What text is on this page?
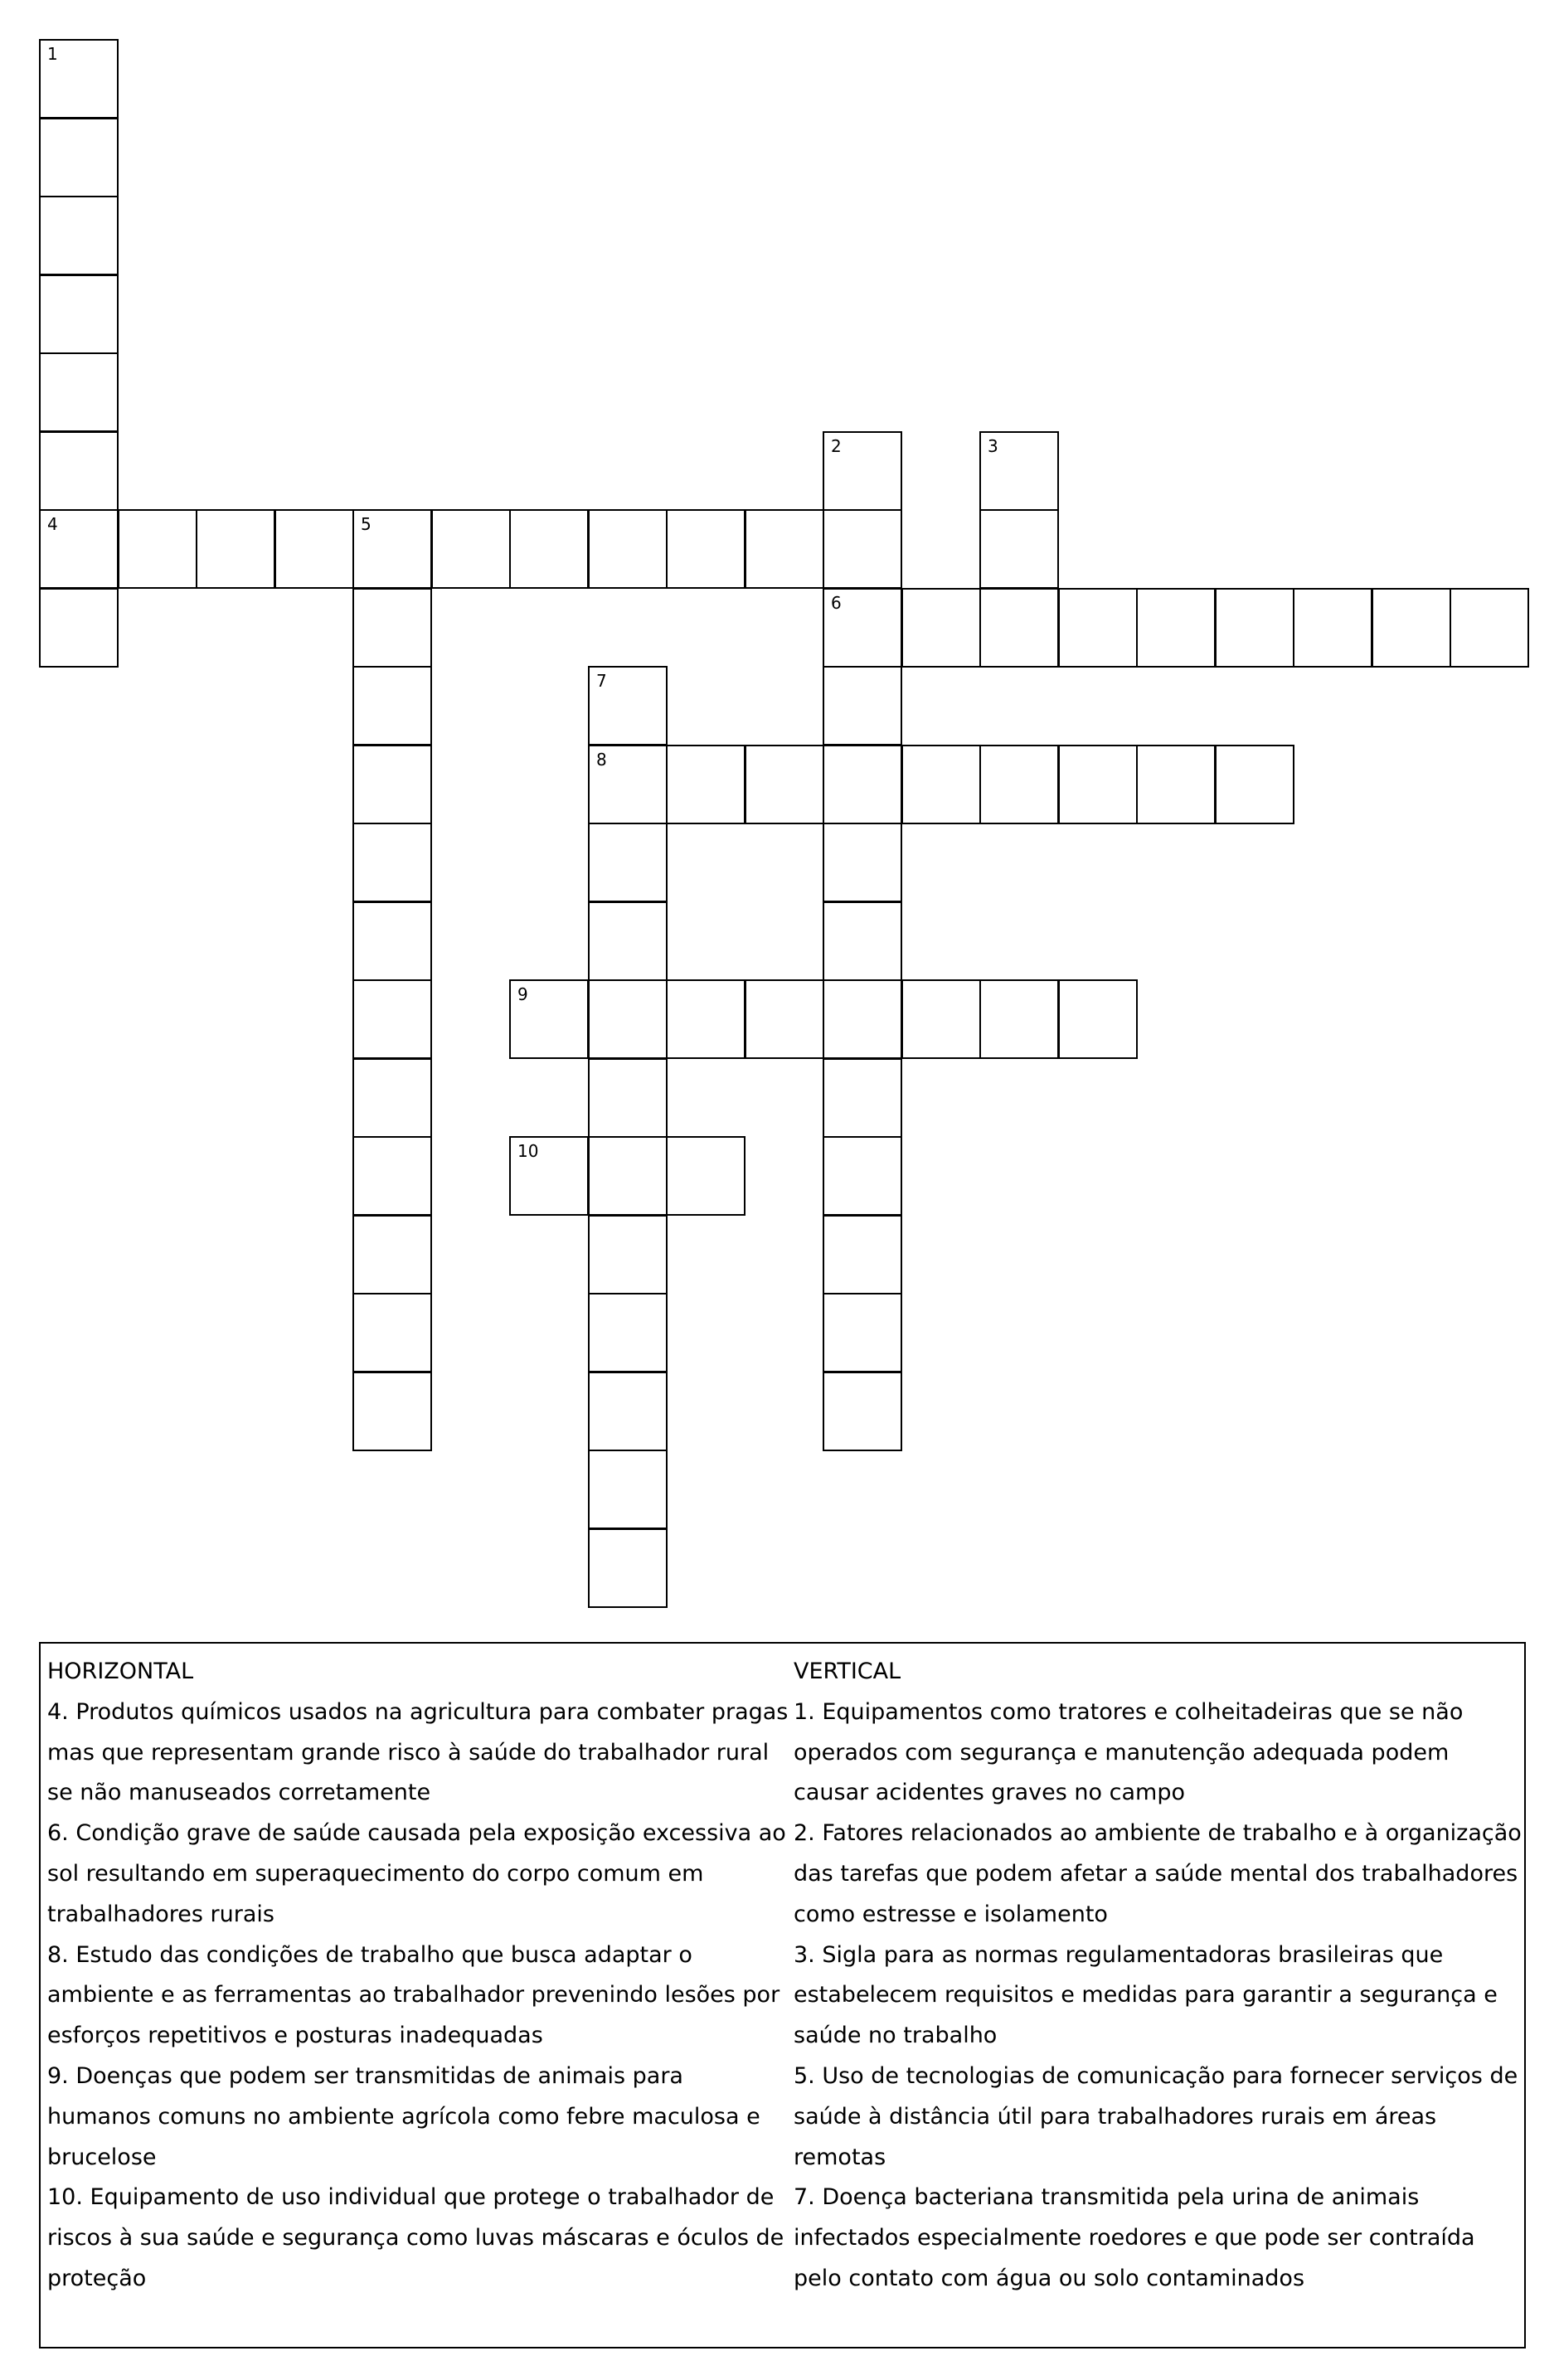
1
4
2
6
3
5
7
8
9
10

HORIZONTAL

4. Produtos químicos usados na agricultura para combater pragas mas que representam grande risco à saúde do trabalhador rural se não manuseados corretamente

6. Condição grave de saúde causada pela exposição excessiva ao sol resultando em superaquecimento do corpo comum em trabalhadores rurais

8. Estudo das condições de trabalho que busca adaptar o ambiente e as ferramentas ao trabalhador prevenindo lesões por esforços repetitivos e posturas inadequadas

9. Doenças que podem ser transmitidas de animais para humanos comuns no ambiente agrícola como febre maculosa e brucelose

10. Equipamento de uso individual que protege o trabalhador de riscos à sua saúde e segurança como luvas máscaras e óculos de proteção

VERTICAL

1. Equipamentos como tratores e colheitadeiras que se não operados com segurança e manutenção adequada podem causar acidentes graves no campo

2. Fatores relacionados ao ambiente de trabalho e à organização das tarefas que podem afetar a saúde mental dos trabalhadores como estresse e isolamento

3. Sigla para as normas regulamentadoras brasileiras que estabelecem requisitos e medidas para garantir a segurança e saúde no trabalho

5. Uso de tecnologias de comunicação para fornecer serviços de saúde à distância útil para trabalhadores rurais em áreas remotas

7. Doença bacteriana transmitida pela urina de animais infectados especialmente roedores e que pode ser contraída pelo contato com água ou solo contaminados
